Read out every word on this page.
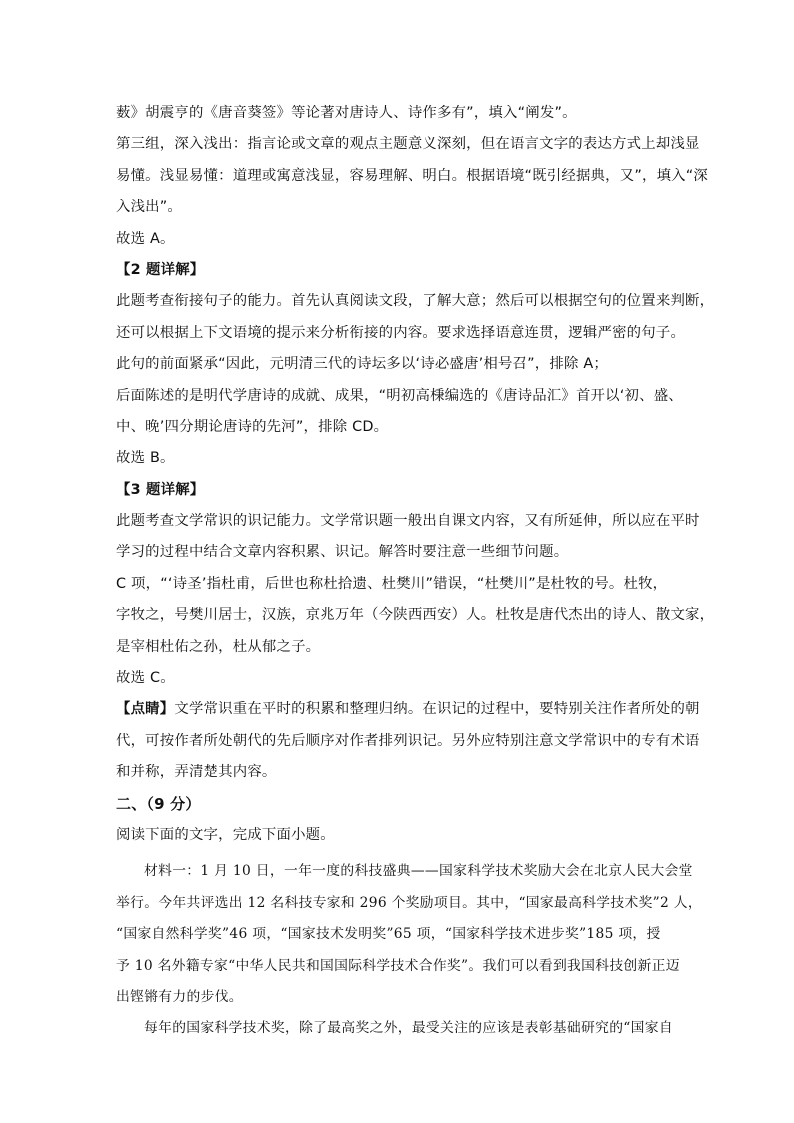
薮》胡震亨的《唐音葵签》等论著对唐诗人、诗作多有”，填入“阐发”。
第三组，深入浅出：指言论或文章的观点主题意义深刻，但在语言文字的表达方式上却浅显
易懂。浅显易懂：道理或寓意浅显，容易理解、明白。根据语境“既引经据典，又”，填入“深
入浅出”。
故选 A。
【2 题详解】
此题考查衔接句子的能力。首先认真阅读文段，了解大意；然后可以根据空句的位置来判断，
还可以根据上下文语境的提示来分析衔接的内容。要求选择语意连贯，逻辑严密的句子。
此句的前面紧承“因此，元明清三代的诗坛多以‘诗必盛唐’相号召”，排除 A；
后面陈述的是明代学唐诗的成就、成果，“明初高棅编选的《唐诗品汇》首开以‘初、盛、
中、晚’四分期论唐诗的先河”，排除 CD。
故选 B。
【3 题详解】
此题考查文学常识的识记能力。文学常识题一般出自课文内容，又有所延伸，所以应在平时
学习的过程中结合文章内容积累、识记。解答时要注意一些细节问题。
C 项，“‘诗圣’指杜甫，后世也称杜拾遗、杜樊川”错误，“杜樊川”是杜牧的号。杜牧，
字牧之，号樊川居士，汉族，京兆万年（今陕西西安）人。杜牧是唐代杰出的诗人、散文家，
是宰相杜佑之孙，杜从郁之子。
故选 C。
【点睛】文学常识重在平时的积累和整理归纳。在识记的过程中，要特别关注作者所处的朝
代，可按作者所处朝代的先后顺序对作者排列识记。另外应特别注意文学常识中的专有术语
和并称，弄清楚其内容。
二、（9 分）
阅读下面的文字，完成下面小题。
材料一：1 月 10 日，一年一度的科技盛典——国家科学技术奖励大会在北京人民大会堂
举行。今年共评选出 12 名科技专家和 296 个奖励项目。其中，“国家最高科学技术奖”2 人，
“国家自然科学奖”46 项，“国家技术发明奖”65 项，“国家科学技术进步奖”185 项，授
予 10 名外籍专家“中华人民共和国国际科学技术合作奖”。我们可以看到我国科技创新正迈
出铿锵有力的步伐。
每年的国家科学技术奖，除了最高奖之外，最受关注的应该是表彰基础研究的“国家自
